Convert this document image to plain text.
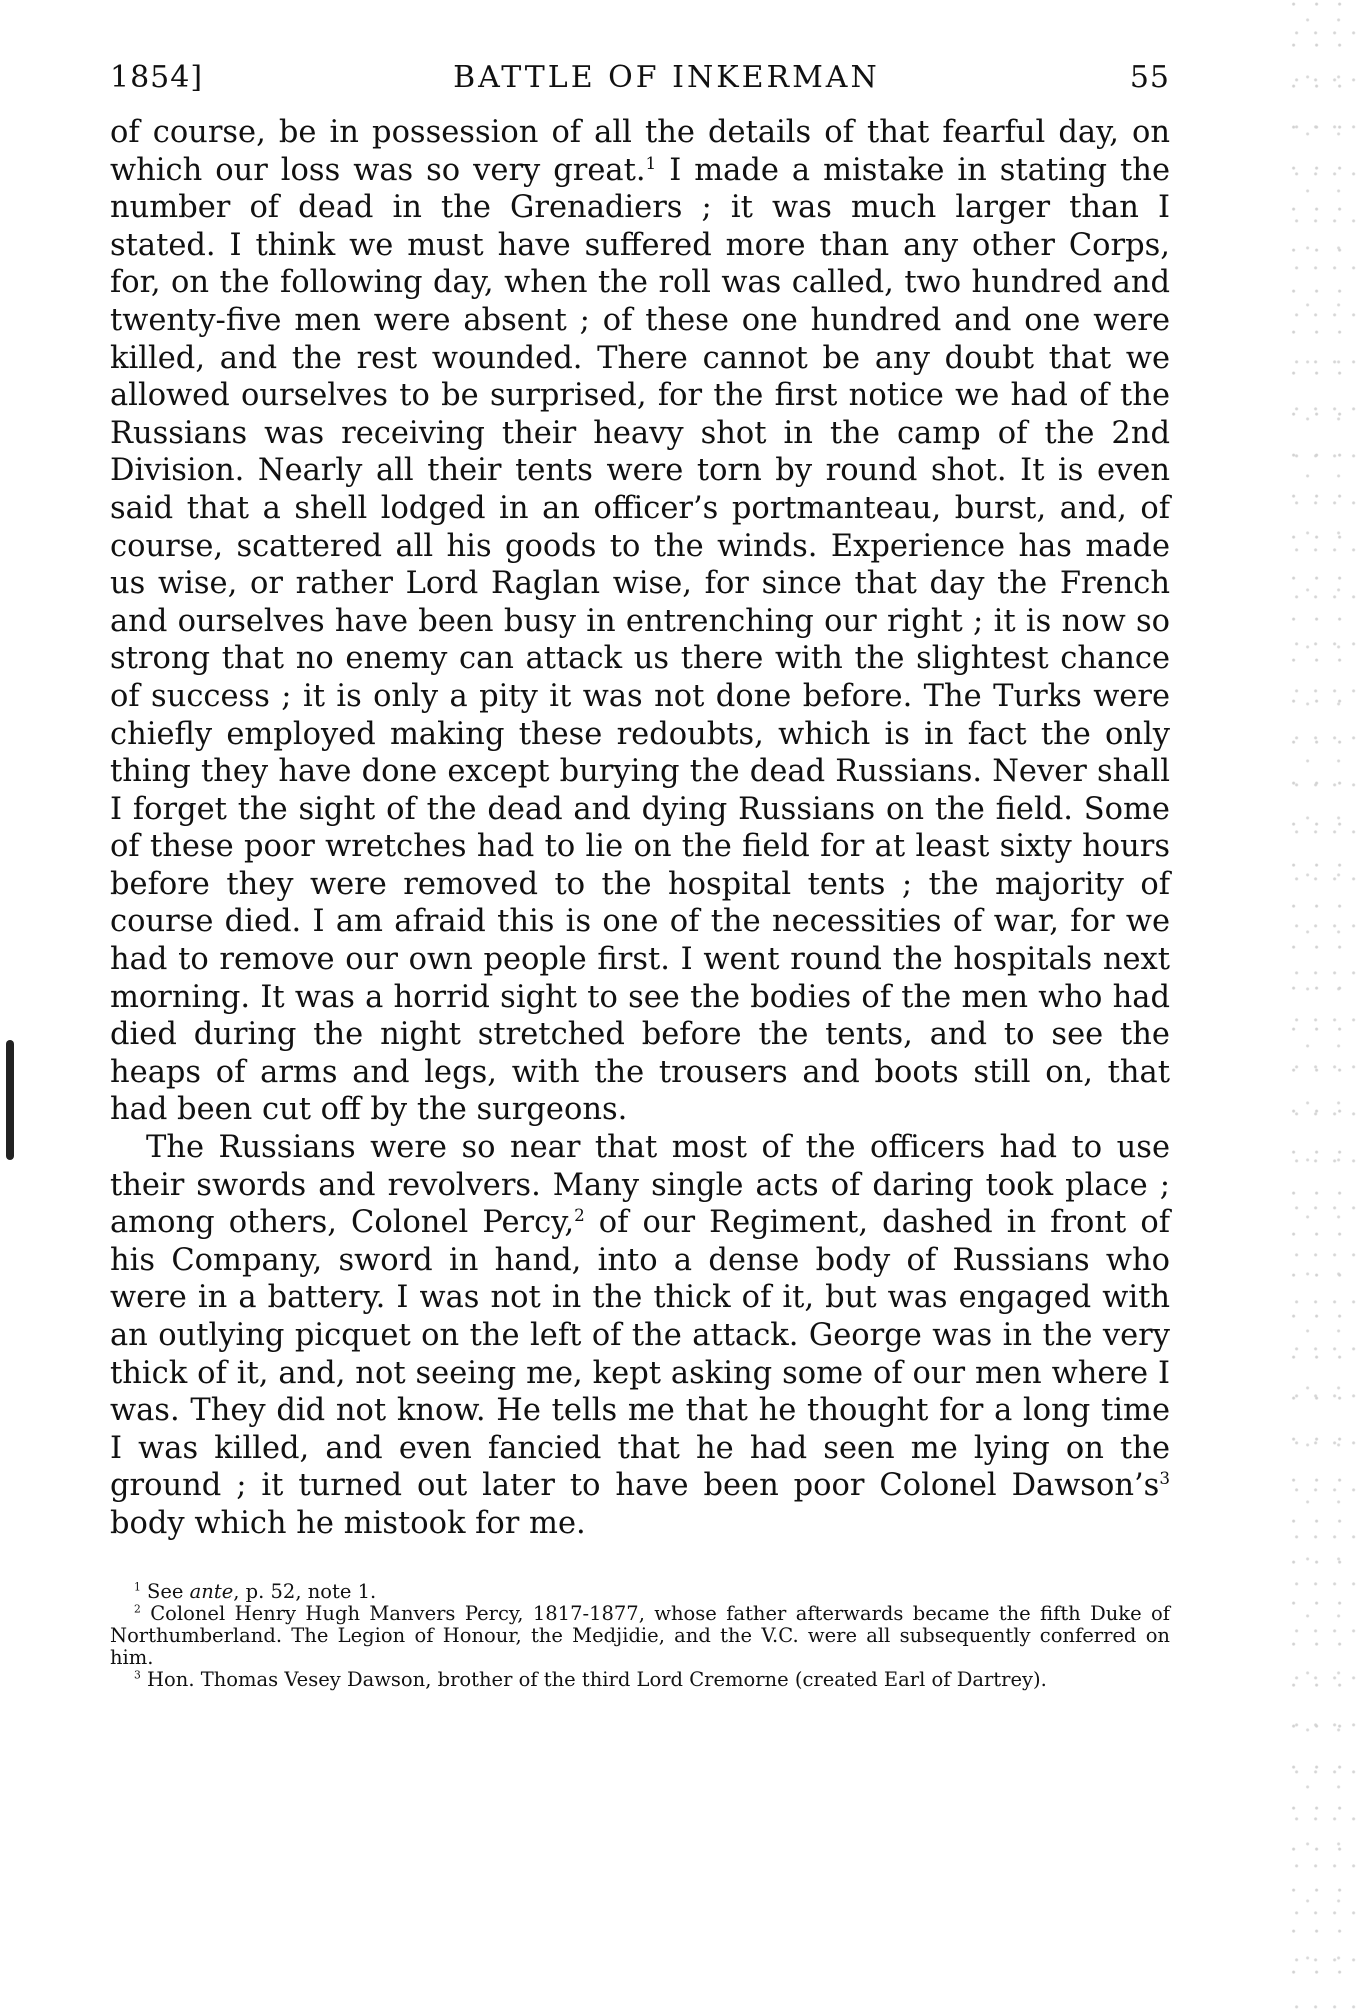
1854]	BATTLE OF INKERMAN	55

of course, be in possession of all the details of that fearful day, on which our loss was so very great.$^1$ I made a mistake in stating the number of dead in the Grenadiers ; it was much larger than I stated. I think we must have suffered more than any other Corps, for, on the following day, when the roll was called, two hundred and twenty-five men were absent ; of these one hundred and one were killed, and the rest wounded. There cannot be any doubt that we allowed ourselves to be surprised, for the first notice we had of the Russians was receiving their heavy shot in the camp of the 2nd Division. Nearly all their tents were torn by round shot. It is even said that a shell lodged in an officer’s portmanteau, burst, and, of course, scattered all his goods to the winds. Experience has made us wise, or rather Lord Raglan wise, for since that day the French and ourselves have been busy in entrenching our right ; it is now so strong that no enemy can attack us there with the slightest chance of success ; it is only a pity it was not done before. The Turks were chiefly employed making these redoubts, which is in fact the only thing they have done except burying the dead Russians. Never shall I forget the sight of the dead and dying Russians on the field. Some of these poor wretches had to lie on the field for at least sixty hours before they were removed to the hospital tents ; the majority of course died. I am afraid this is one of the necessities of war, for we had to remove our own people first. I went round the hospitals next morning. It was a horrid sight to see the bodies of the men who had died during the night stretched before the tents, and to see the heaps of arms and legs, with the trousers and boots still on, that had been cut off by the surgeons.

The Russians were so near that most of the officers had to use their swords and revolvers. Many single acts of daring took place ; among others, Colonel Percy,$^2$ of our Regiment, dashed in front of his Company, sword in hand, into a dense body of Russians who were in a battery. I was not in the thick of it, but was engaged with an outlying picquet on the left of the attack. George was in the very thick of it, and, not seeing me, kept asking some of our men where I was. They did not know. He tells me that he thought for a long time I was killed, and even fancied that he had seen me lying on the ground ; it turned out later to have been poor Colonel $Dawson’s^3$ body which he mistook for me.

$^1$ See ante, p. 52, note 1.

$^2$ Colonel Henry Hugh Manvers Percy, 1817-1877, whose father afterwards became the fifth Duke of Northumberland. The Legion of Honour, the Medjidie, and the V.C. were all subsequently conferred on him.

$^3$ Hon. Thomas Vesey Dawson, brother of the third Lord Cremorne (created Earl of Dartrey).
